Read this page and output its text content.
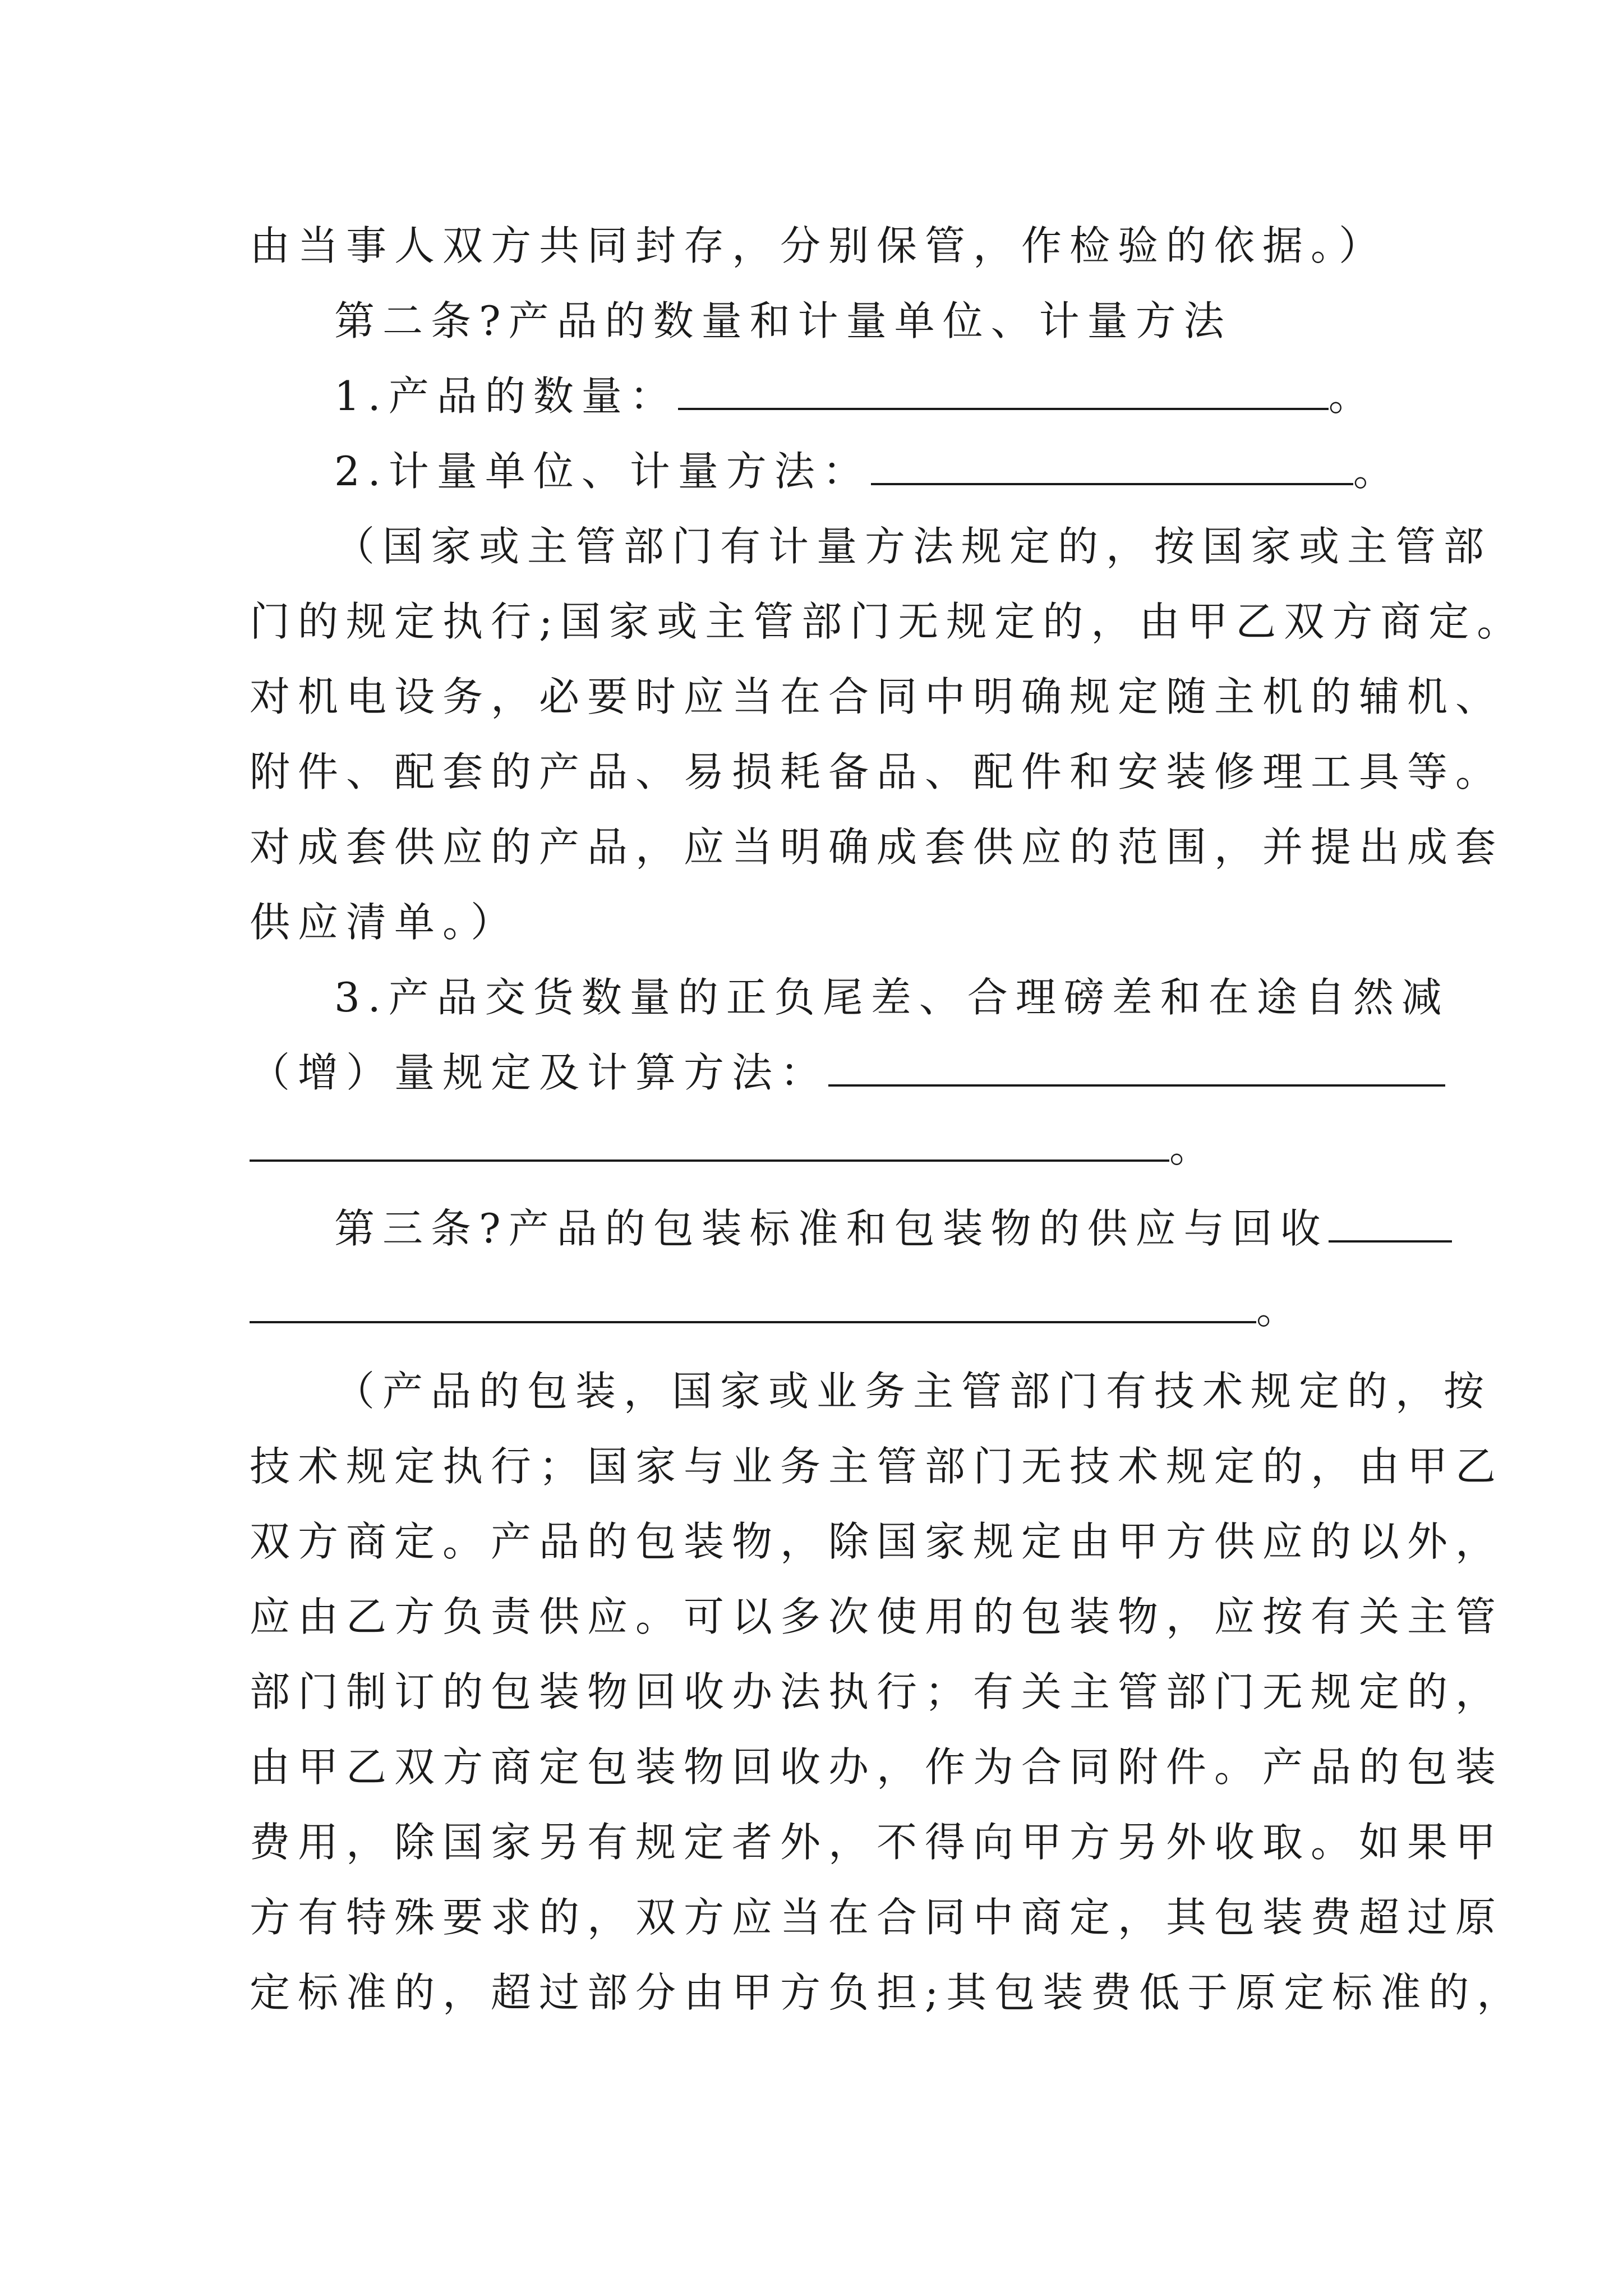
由当事人双方共同封存，分别保管，作检验的依据。）
第二条?产品的数量和计量单位、计量方法
1.产品的数量：	。
2.计量单位、计量方法：	。
（国家或主管部门有计量方法规定的，按国家或主管部
门的规定执行;国家或主管部门无规定的，由甲乙双方商定。
对机电设务，必要时应当在合同中明确规定随主机的辅机、
附件、配套的产品、易损耗备品、配件和安装修理工具等。
对成套供应的产品，应当明确成套供应的范围，并提出成套
供应清单。）
3.产品交货数量的正负尾差、合理磅差和在途自然减
（增）量规定及计算方法：
。
第三条?产品的包装标准和包装物的供应与回收
。
（产品的包装，国家或业务主管部门有技术规定的，按
技术规定执行；国家与业务主管部门无技术规定的，由甲乙
双方商定。产品的包装物，除国家规定由甲方供应的以外，
应由乙方负责供应。可以多次使用的包装物，应按有关主管
部门制订的包装物回收办法执行；有关主管部门无规定的，
由甲乙双方商定包装物回收办，作为合同附件。产品的包装
费用，除国家另有规定者外，不得向甲方另外收取。如果甲
方有特殊要求的，双方应当在合同中商定，其包装费超过原
定标准的，超过部分由甲方负担;其包装费低于原定标准的，
